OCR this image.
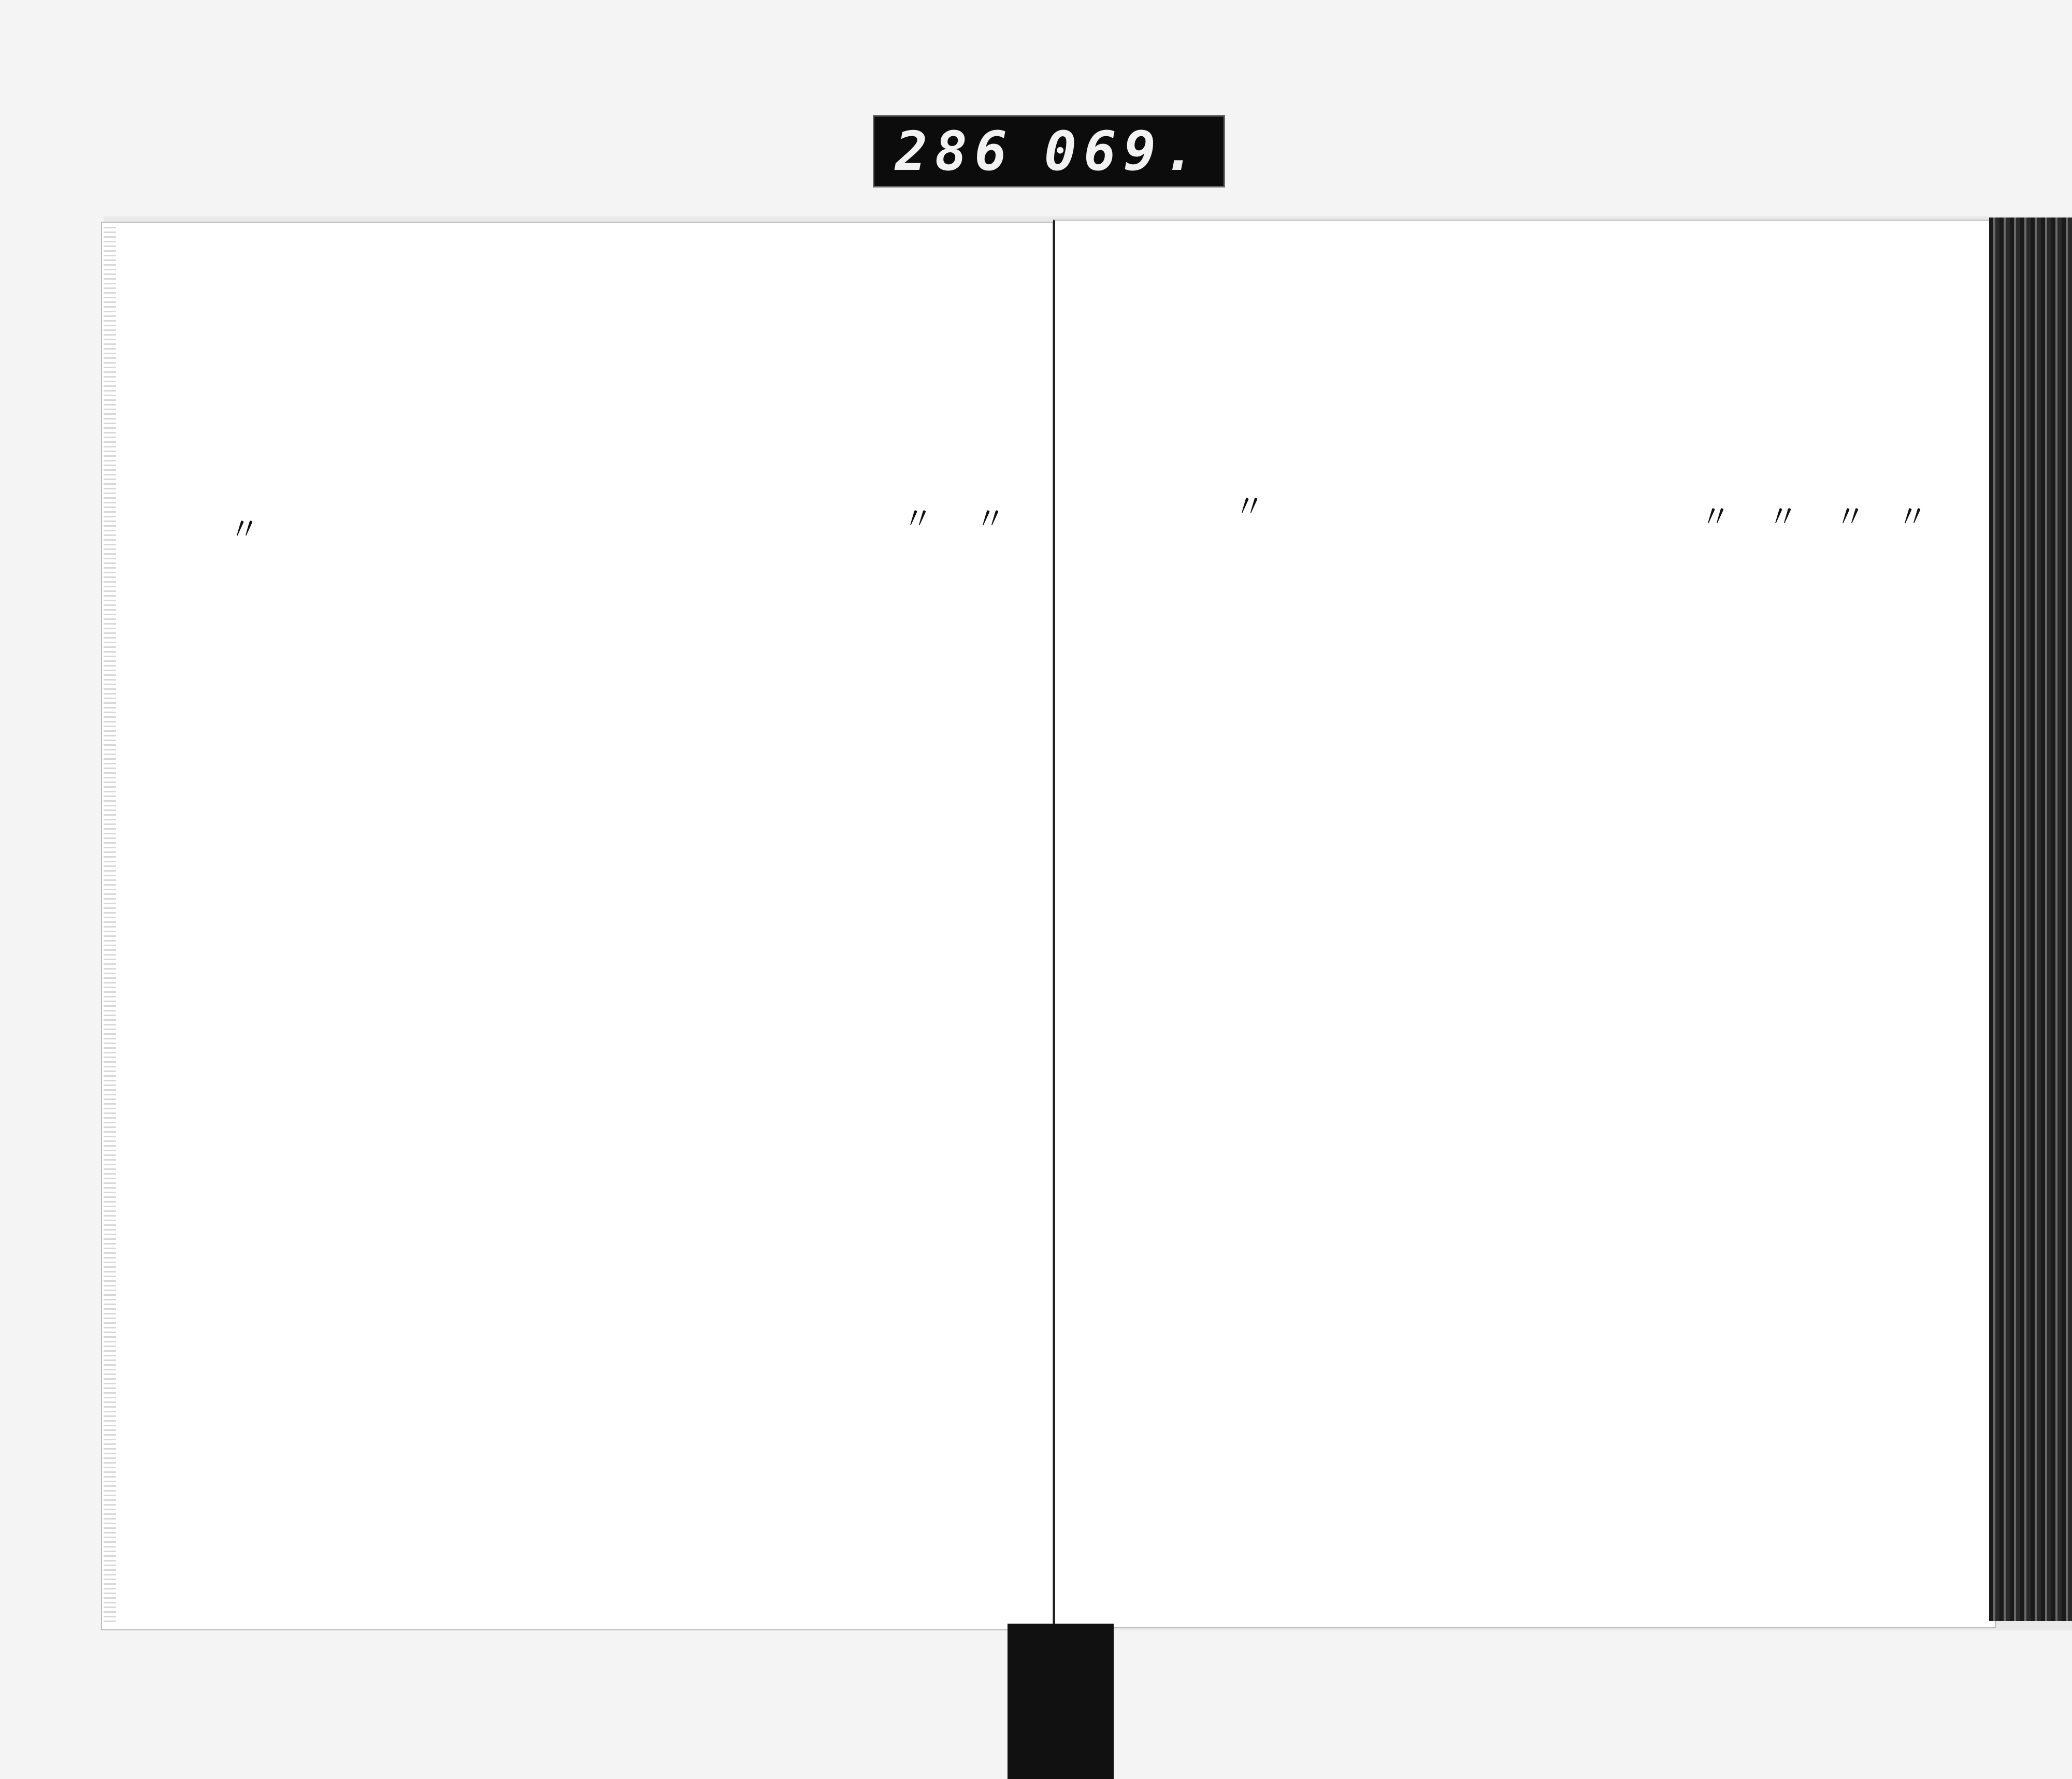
286 069.
〃
〃
〃	〃
〃
〃
〃
〃
